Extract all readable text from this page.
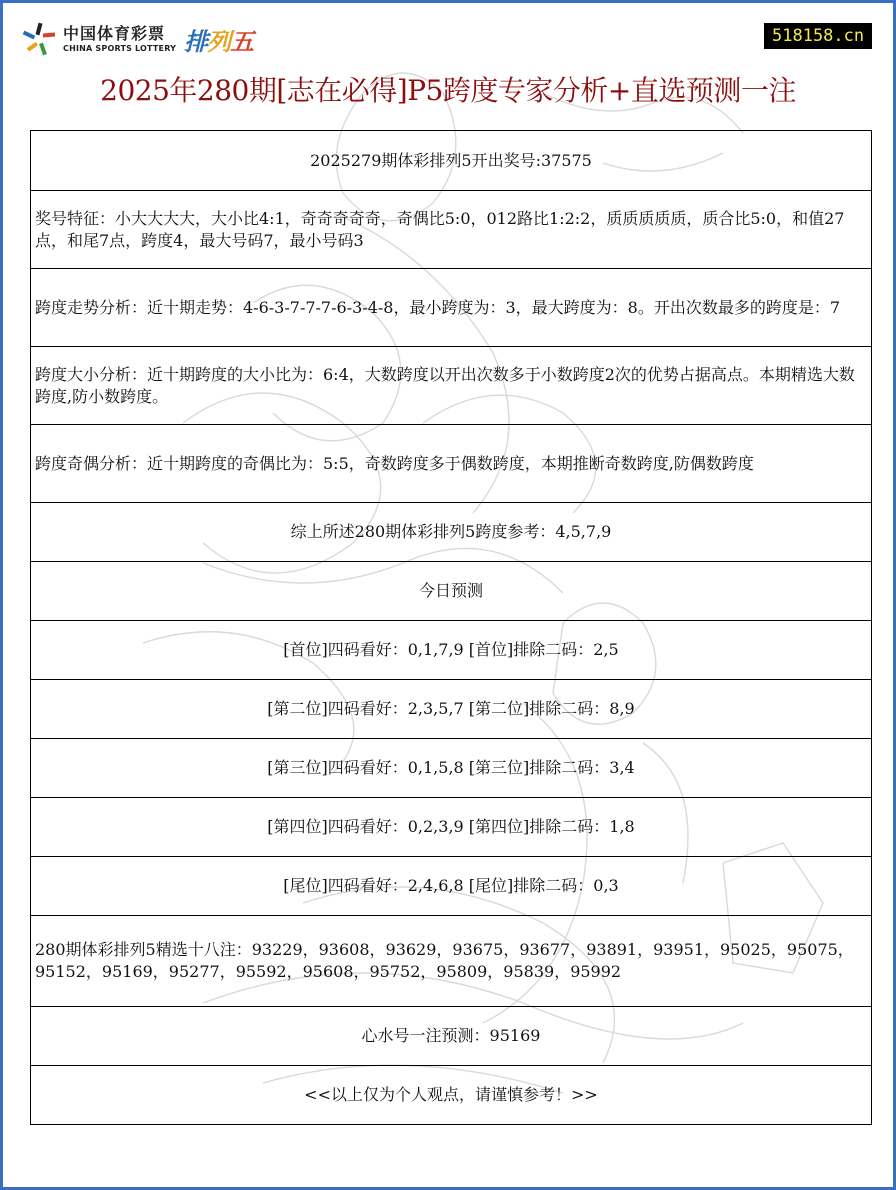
中国体育彩票
CHINA SPORTS LOTTERY 排列五	518158.cn
2025年280期[志在必得]P5跨度专家分析+直选预测一注
2025279期体彩排列5开出奖号:37575
奖号特征：小大大大大，大小比4:1，奇奇奇奇奇，奇偶比5:0，012路比1:2:2，质质质质质，质合比5:0，和值27点，和尾7点，跨度4，最大号码7，最小号码3
跨度走势分析：近十期走势：4-6-3-7-7-7-6-3-4-8，最小跨度为：3，最大跨度为：8。开出次数最多的跨度是：7
跨度大小分析：近十期跨度的大小比为：6:4，大数跨度以开出次数多于小数跨度2次的优势占据高点。本期精选大数跨度,防小数跨度。
跨度奇偶分析：近十期跨度的奇偶比为：5:5，奇数跨度多于偶数跨度，本期推断奇数跨度,防偶数跨度
综上所述280期体彩排列5跨度参考：4,5,7,9
今日预测
[首位]四码看好：0,1,7,9 [首位]排除二码：2,5
[第二位]四码看好：2,3,5,7 [第二位]排除二码：8,9
[第三位]四码看好：0,1,5,8 [第三位]排除二码：3,4
[第四位]四码看好：0,2,3,9 [第四位]排除二码：1,8
[尾位]四码看好：2,4,6,8 [尾位]排除二码：0,3
280期体彩排列5精选十八注：93229，93608，93629，93675，93677，93891，93951，95025，95075，95152，95169，95277，95592，95608，95752，95809，95839，95992
心水号一注预测：95169
<<以上仅为个人观点，请谨慎参考！>>
